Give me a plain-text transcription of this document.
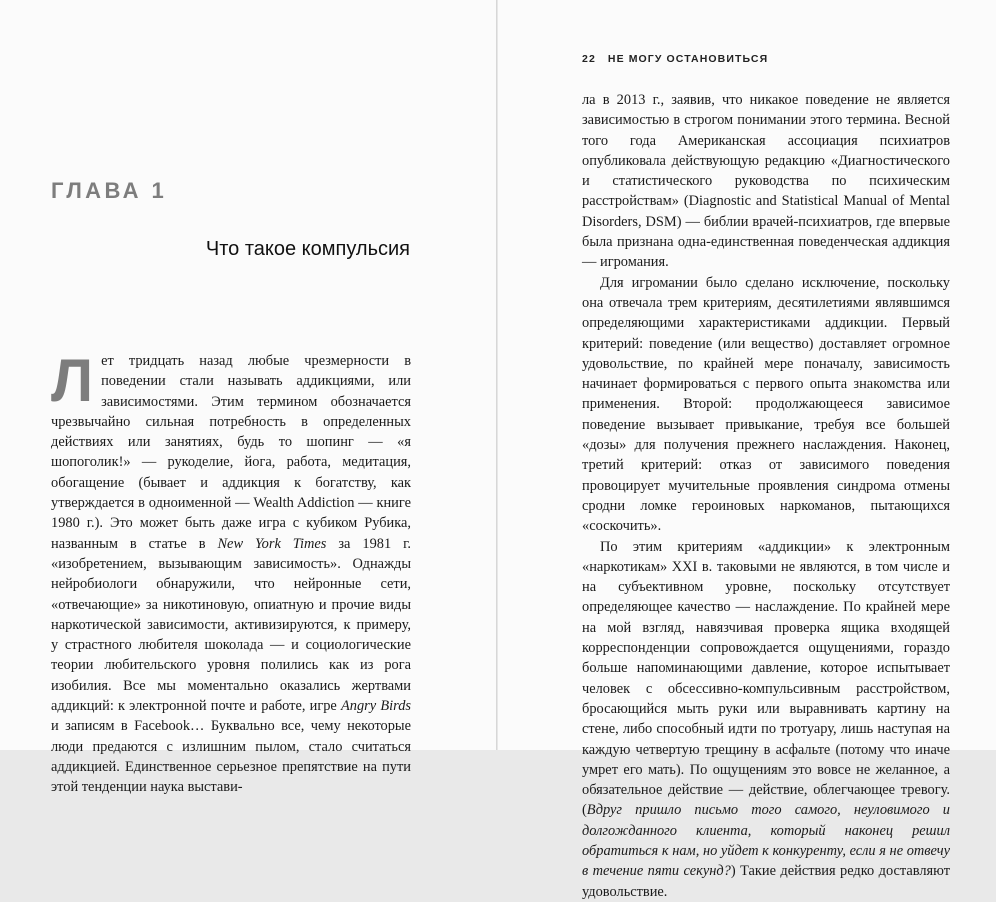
ГЛАВА 1
Что такое компульсия

Лет тридцать назад любые чрезмерности в поведении стали называть аддикциями, или зависимостями. Этим термином обозначается чрезвычайно сильная потребность в определенных действиях или занятиях, будь то шопинг — «я шопоголик!» — рукоделие, йога, работа, медитация, обогащение (бывает и аддикция к богатству, как утверждается в одноименной — Wealth Addiction — книге 1980 г.). Это может быть даже игра с кубиком Рубика, названным в статье в New York Times за 1981 г. «изобретением, вызывающим зависимость». Однажды нейробиологи обнаружили, что нейронные сети, «отвечающие» за никотиновую, опиатную и прочие виды наркотической зависимости, активизируются, к примеру, у страстного любителя шоколада — и социологические теории любительского уровня полились как из рога изобилия. Все мы моментально оказались жертвами аддикций: к электронной почте и работе, игре Angry Birds и записям в Facebook… Буквально все, чему некоторые люди предаются с излишним пылом, стало считаться аддикцией. Единственное серьезное препятствие на пути этой тенденции наука выстави-

22 НЕ МОГУ ОСТАНОВИТЬСЯ

ла в 2013 г., заявив, что никакое поведение не является зависимостью в строгом понимании этого термина. Весной того года Американская ассоциация психиатров опубликовала действующую редакцию «Диагностического и статистического руководства по психическим расстройствам» (Diagnostic and Statistical Manual of Mental Disorders, DSM) — библии врачей-психиатров, где впервые была признана одна-единственная поведенческая аддикция — игромания.

Для игромании было сделано исключение, поскольку она отвечала трем критериям, десятилетиями являвшимся определяющими характеристиками аддикции. Первый критерий: поведение (или вещество) доставляет огромное удовольствие, по крайней мере поначалу, зависимость начинает формироваться с первого опыта знакомства или применения. Второй: продолжающееся зависимое поведение вызывает привыкание, требуя все большей «дозы» для получения прежнего наслаждения. Наконец, третий критерий: отказ от зависимого поведения провоцирует мучительные проявления синдрома отмены сродни ломке героиновых наркоманов, пытающихся «соскочить».

По этим критериям «аддикции» к электронным «наркотикам» XXI в. таковыми не являются, в том числе и на субъективном уровне, поскольку отсутствует определяющее качество — наслаждение. По крайней мере на мой взгляд, навязчивая проверка ящика входящей корреспонденции сопровождается ощущениями, гораздо больше напоминающими давление, которое испытывает человек с обсессивно-компульсивным расстройством, бросающийся мыть руки или выравнивать картину на стене, либо способный идти по тротуару, лишь наступая на каждую четвертую трещину в асфальте (потому что иначе умрет его мать). По ощущениям это вовсе не желанное, а обязательное действие — действие, облегчающее тревогу. (Вдруг пришло письмо того самого, неуловимого и долгожданного клиента, который наконец решил обратиться к нам, но уйдет к конкуренту, если я не отвечу в течение пяти секунд?) Такие действия редко доставляют удовольствие.
